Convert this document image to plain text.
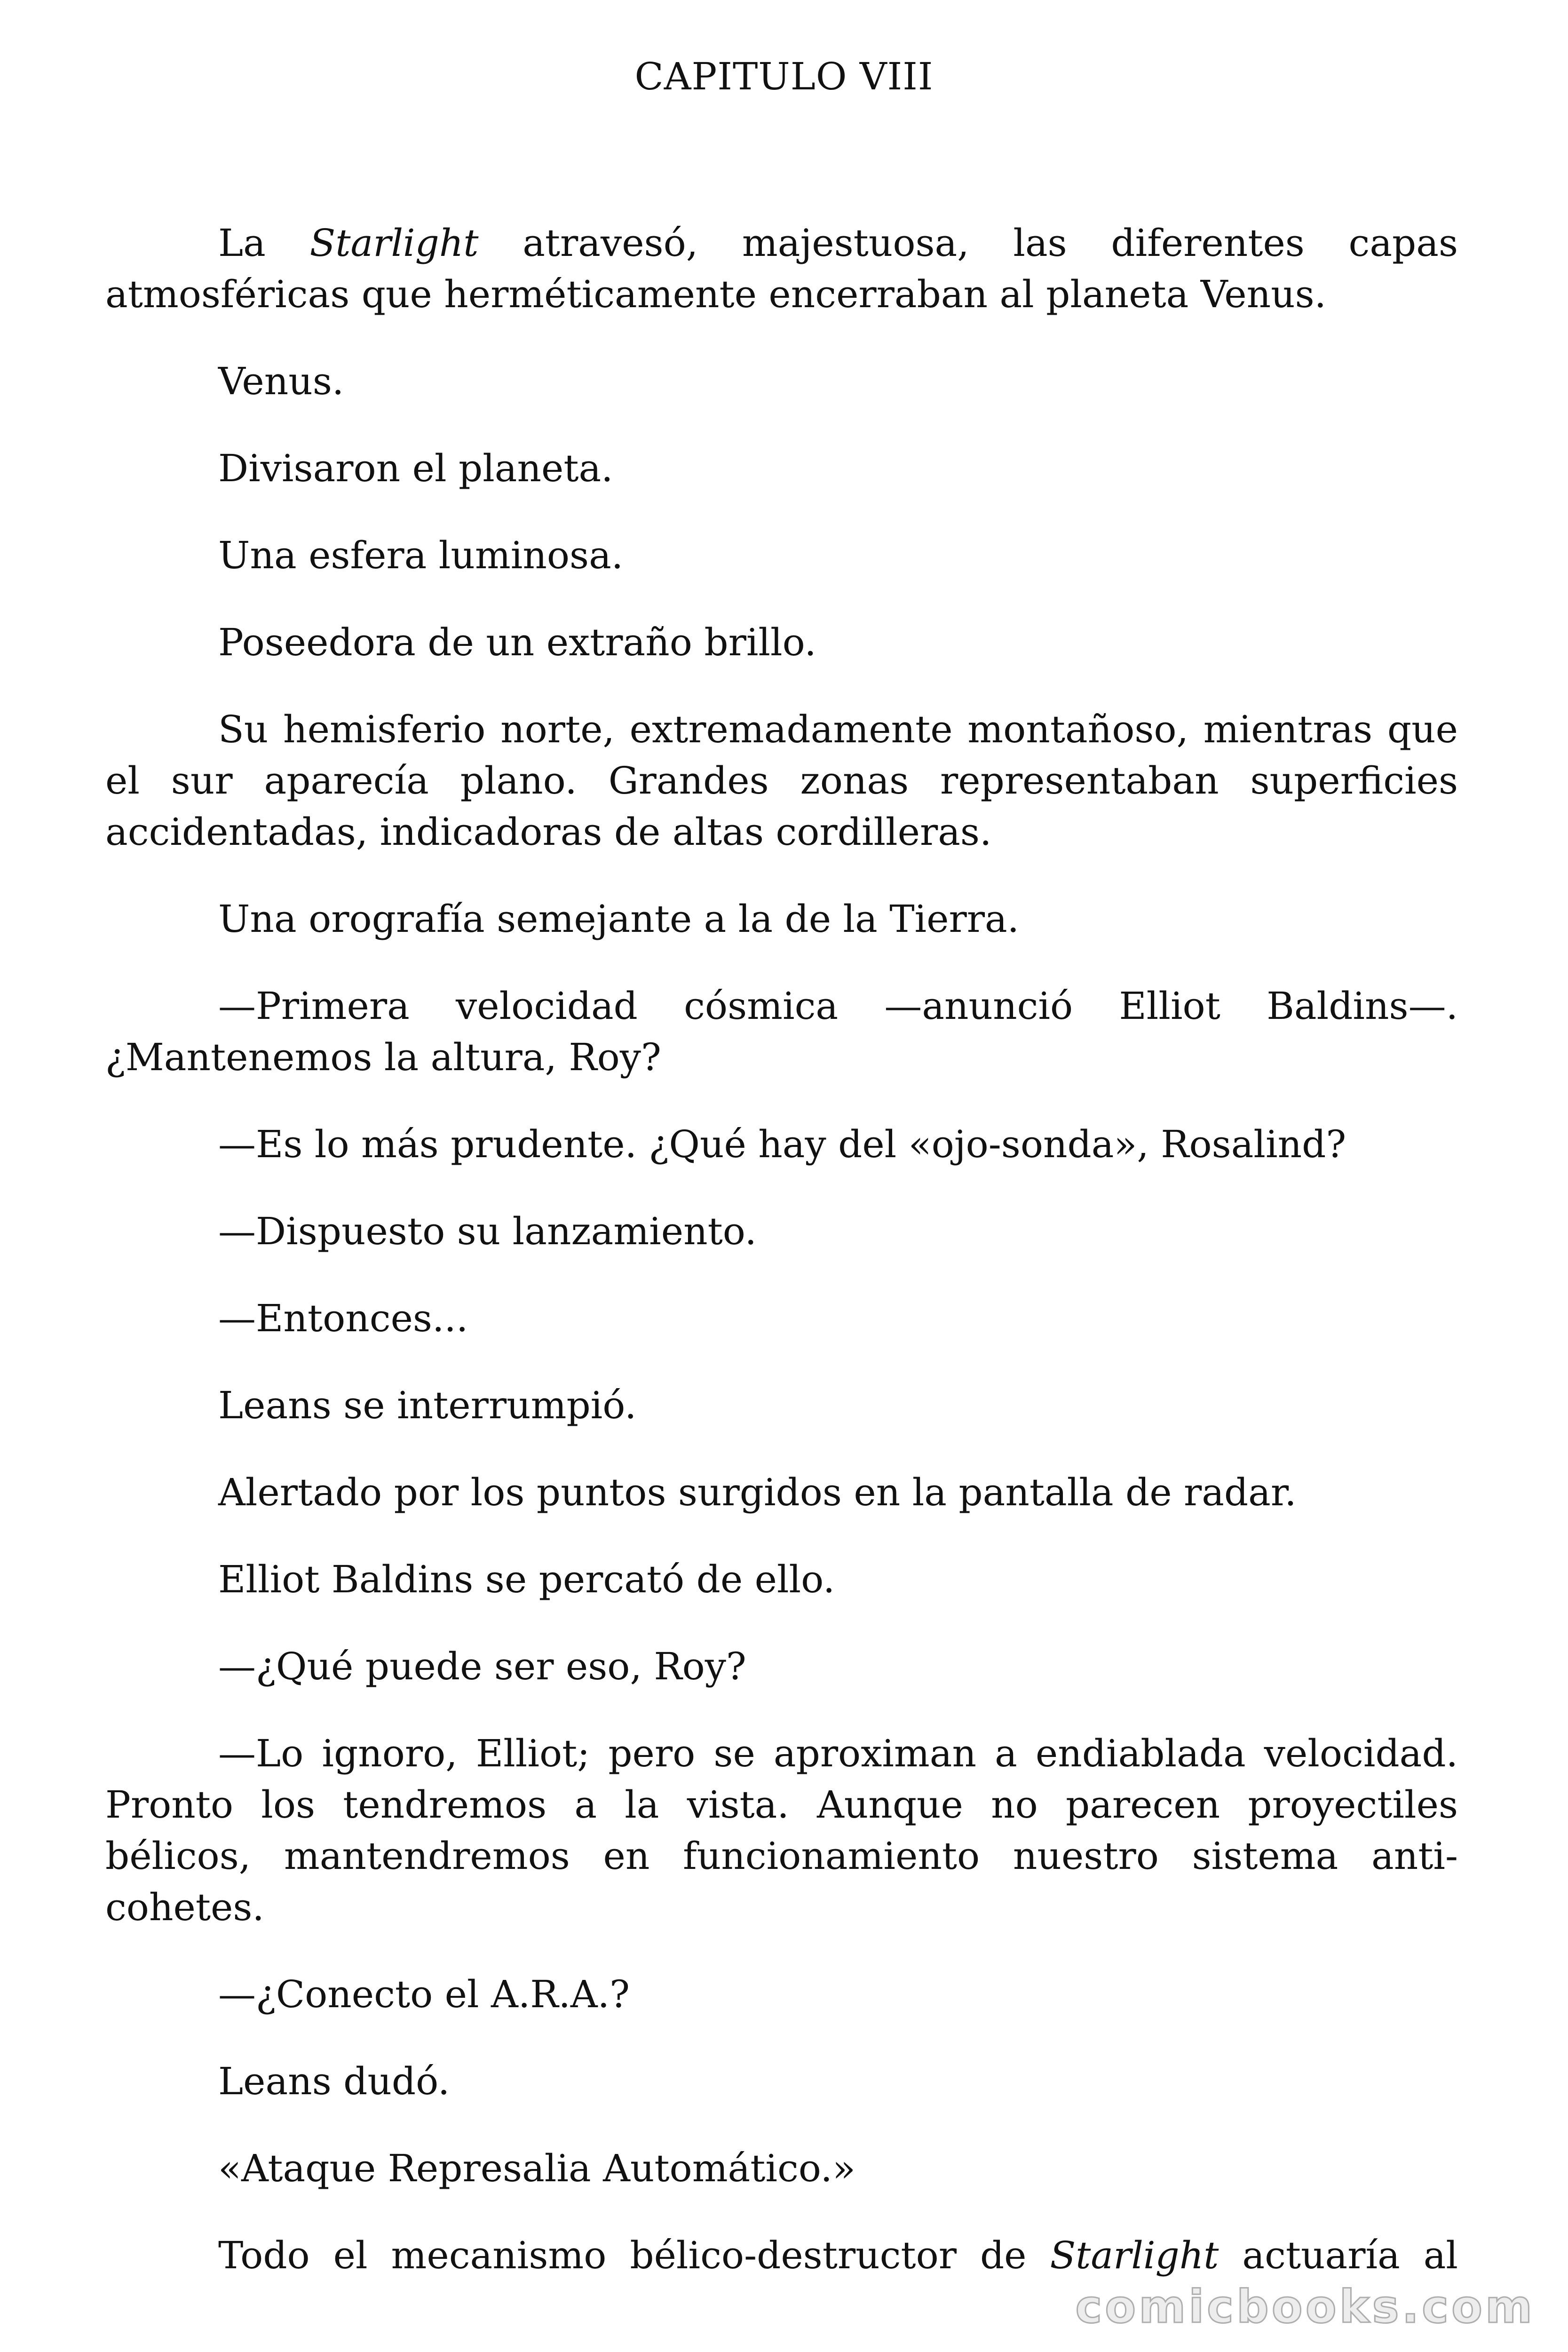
CAPITULO VIII

La Starlight atravesó, majestuosa, las diferentes capas atmosféricas que herméticamente encerraban al planeta Venus.

Venus.

Divisaron el planeta.

Una esfera luminosa.

Poseedora de un extraño brillo.

Su hemisferio norte, extremadamente montañoso, mientras que el sur aparecía plano. Grandes zonas representaban superficies accidentadas, indicadoras de altas cordilleras.

Una orografía semejante a la de la Tierra.

—Primera velocidad cósmica —anunció Elliot Baldins—. ¿Mantenemos la altura, Roy?

—Es lo más prudente. ¿Qué hay del «ojo-sonda», Rosalind?

—Dispuesto su lanzamiento.

—Entonces...

Leans se interrumpió.

Alertado por los puntos surgidos en la pantalla de radar.

Elliot Baldins se percató de ello.

—¿Qué puede ser eso, Roy?

—Lo ignoro, Elliot; pero se aproximan a endiablada velocidad. Pronto los tendremos a la vista. Aunque no parecen proyectiles bélicos, mantendremos en funcionamiento nuestro sistema anti-cohetes.

—¿Conecto el A.R.A.?

Leans dudó.

«Ataque Represalia Automático.»

Todo el mecanismo bélico-destructor de Starlight actuaría al

comicbooks.com
